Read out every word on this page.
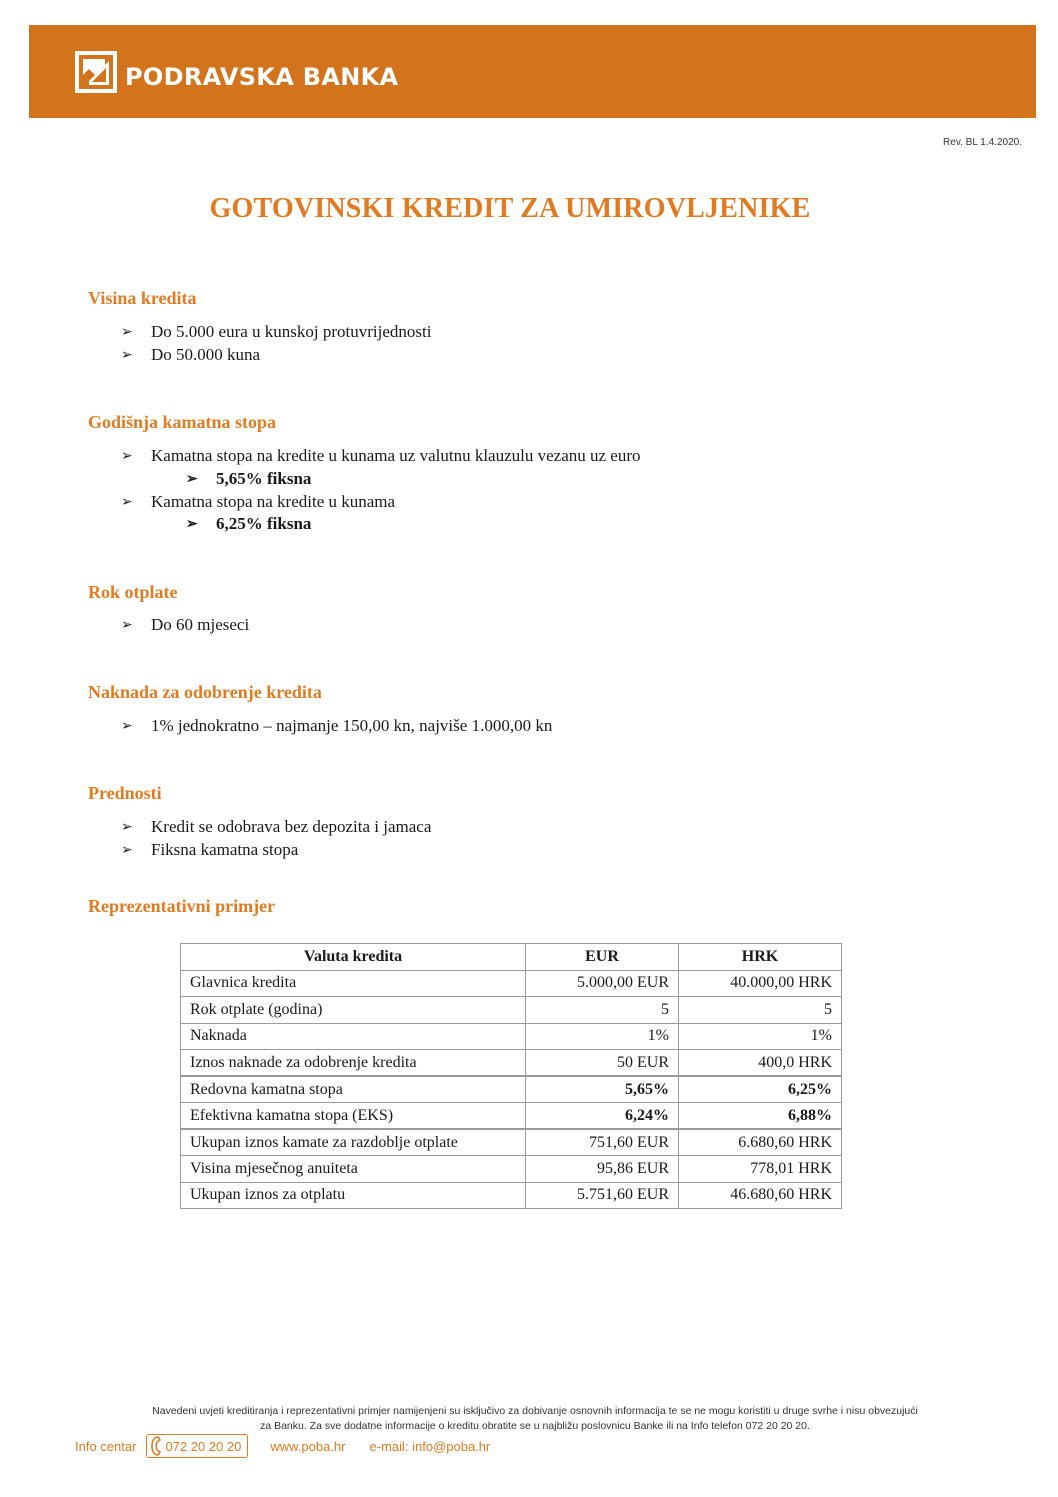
PODRAVSKA BANKA
Rev. BL 1.4.2020.
GOTOVINSKI KREDIT ZA UMIROVLJENIKE
Visina kredita
➢	Do 5.000 eura u kunskoj protuvrijednosti
➢	Do 50.000 kuna
Godišnja kamatna stopa
➢	Kamatna stopa na kredite u kunama uz valutnu klauzulu vezanu uz euro
➢	5,65% fiksna
➢	Kamatna stopa na kredite u kunama
➢	6,25% fiksna
Rok otplate
➢	Do 60 mjeseci
Naknada za odobrenje kredita
➢	1% jednokratno – najmanje 150,00 kn, najviše 1.000,00 kn
Prednosti
➢	Kredit se odobrava bez depozita i jamaca
➢	Fiksna kamatna stopa
Reprezentativni primjer
Valuta kredita	EUR	HRK
Glavnica kredita	5.000,00 EUR	40.000,00 HRK
Rok otplate (godina)	5	5
Naknada	1%	1%
Iznos naknade za odobrenje kredita	50 EUR	400,0 HRK
Redovna kamatna stopa	5,65%	6,25%
Efektivna kamatna stopa (EKS)	6,24%	6,88%
Ukupan iznos kamate za razdoblje otplate	751,60 EUR	6.680,60 HRK
Visina mjesečnog anuiteta	95,86 EUR	778,01 HRK
Ukupan iznos za otplatu	5.751,60 EUR	46.680,60 HRK
Navedeni uvjeti kreditiranja i reprezentativni primjer namijenjeni su isključivo za dobivanje osnovnih informacija te se ne mogu koristiti u druge svrhe i nisu obvezujući
za Banku. Za sve dodatne informacije o kreditu obratite se u najbližu poslovnicu Banke ili na Info telefon 072 20 20 20.
Info centar 072 20 20 20 www.poba.hr e-mail: info@poba.hr
